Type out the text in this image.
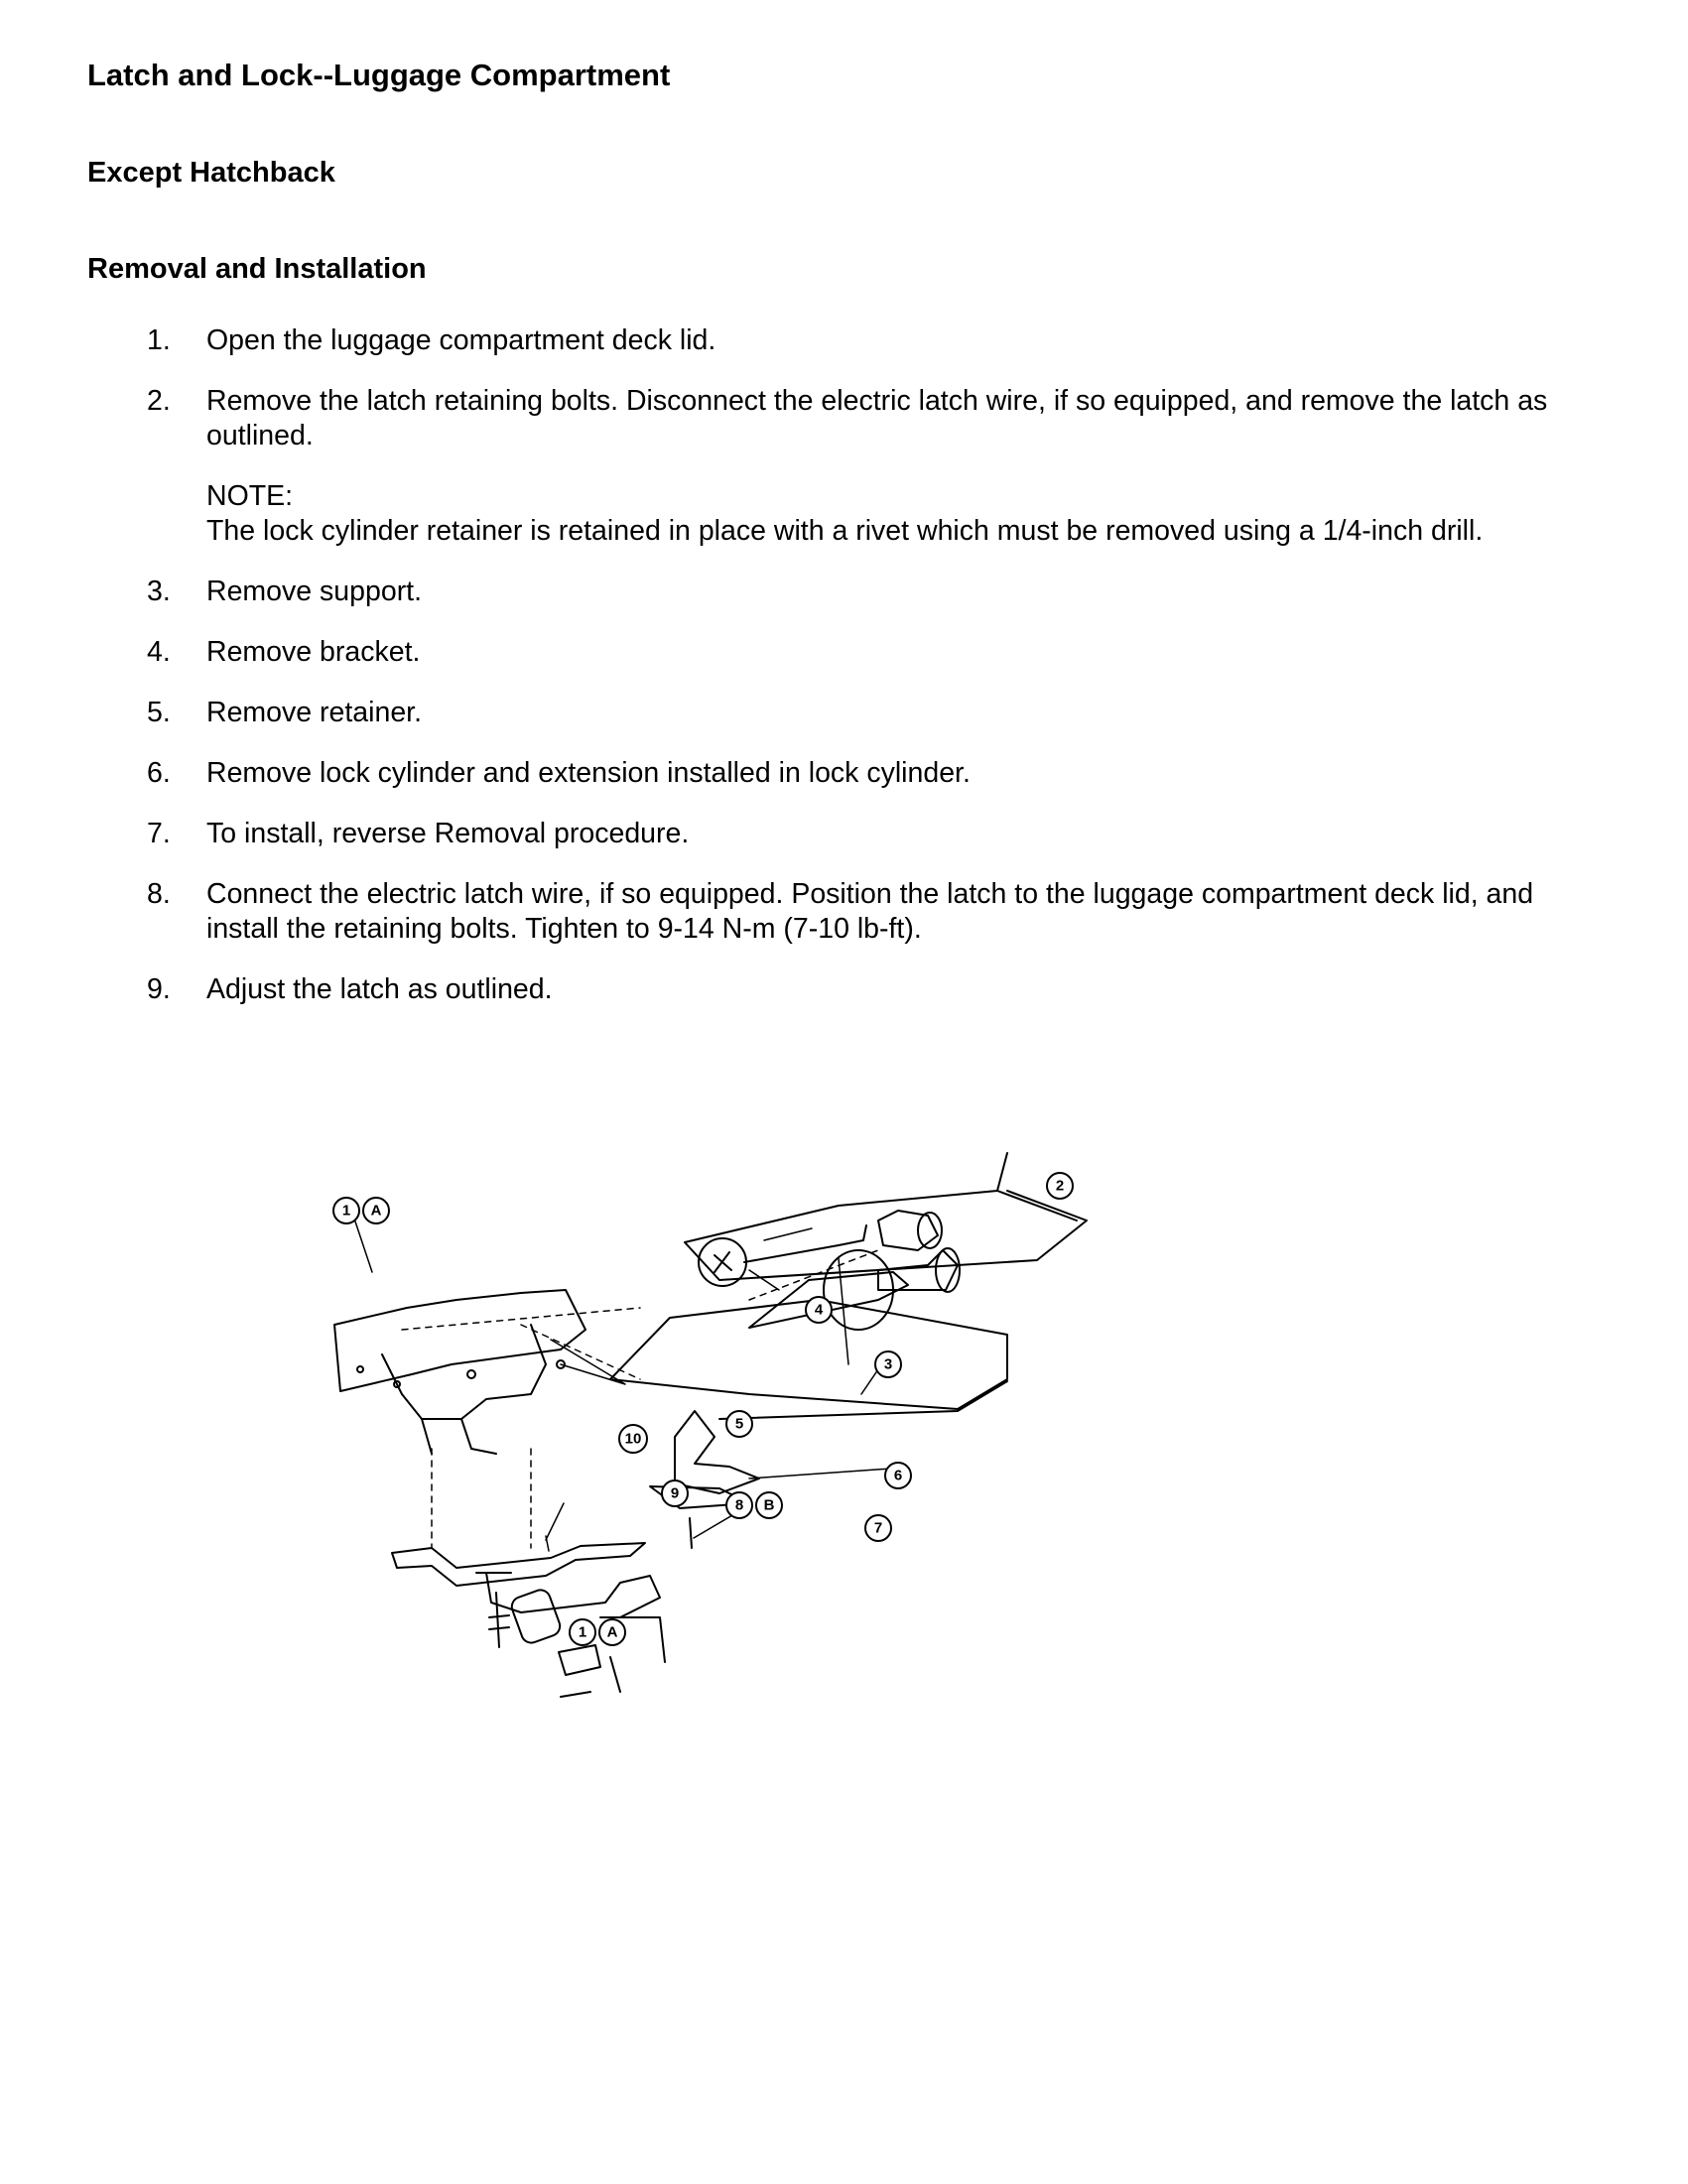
Latch and Lock--Luggage Compartment
Except Hatchback
Removal and Installation
1. Open the luggage compartment deck lid.
2. Remove the latch retaining bolts. Disconnect the electric latch wire, if so equipped, and remove the latch as outlined.
NOTE:
The lock cylinder retainer is retained in place with a rivet which must be removed using a 1/4-inch drill.
3. Remove support.
4. Remove bracket.
5. Remove retainer.
6. Remove lock cylinder and extension installed in lock cylinder.
7. To install, reverse Removal procedure.
8. Connect the electric latch wire, if so equipped. Position the latch to the luggage compartment deck lid, and install the retaining bolts. Tighten to 9-14 N-m (7-10 lb-ft).
9. Adjust the latch as outlined.
1 A
2
4
3
5
6
7
8 B
9
10
1 A
